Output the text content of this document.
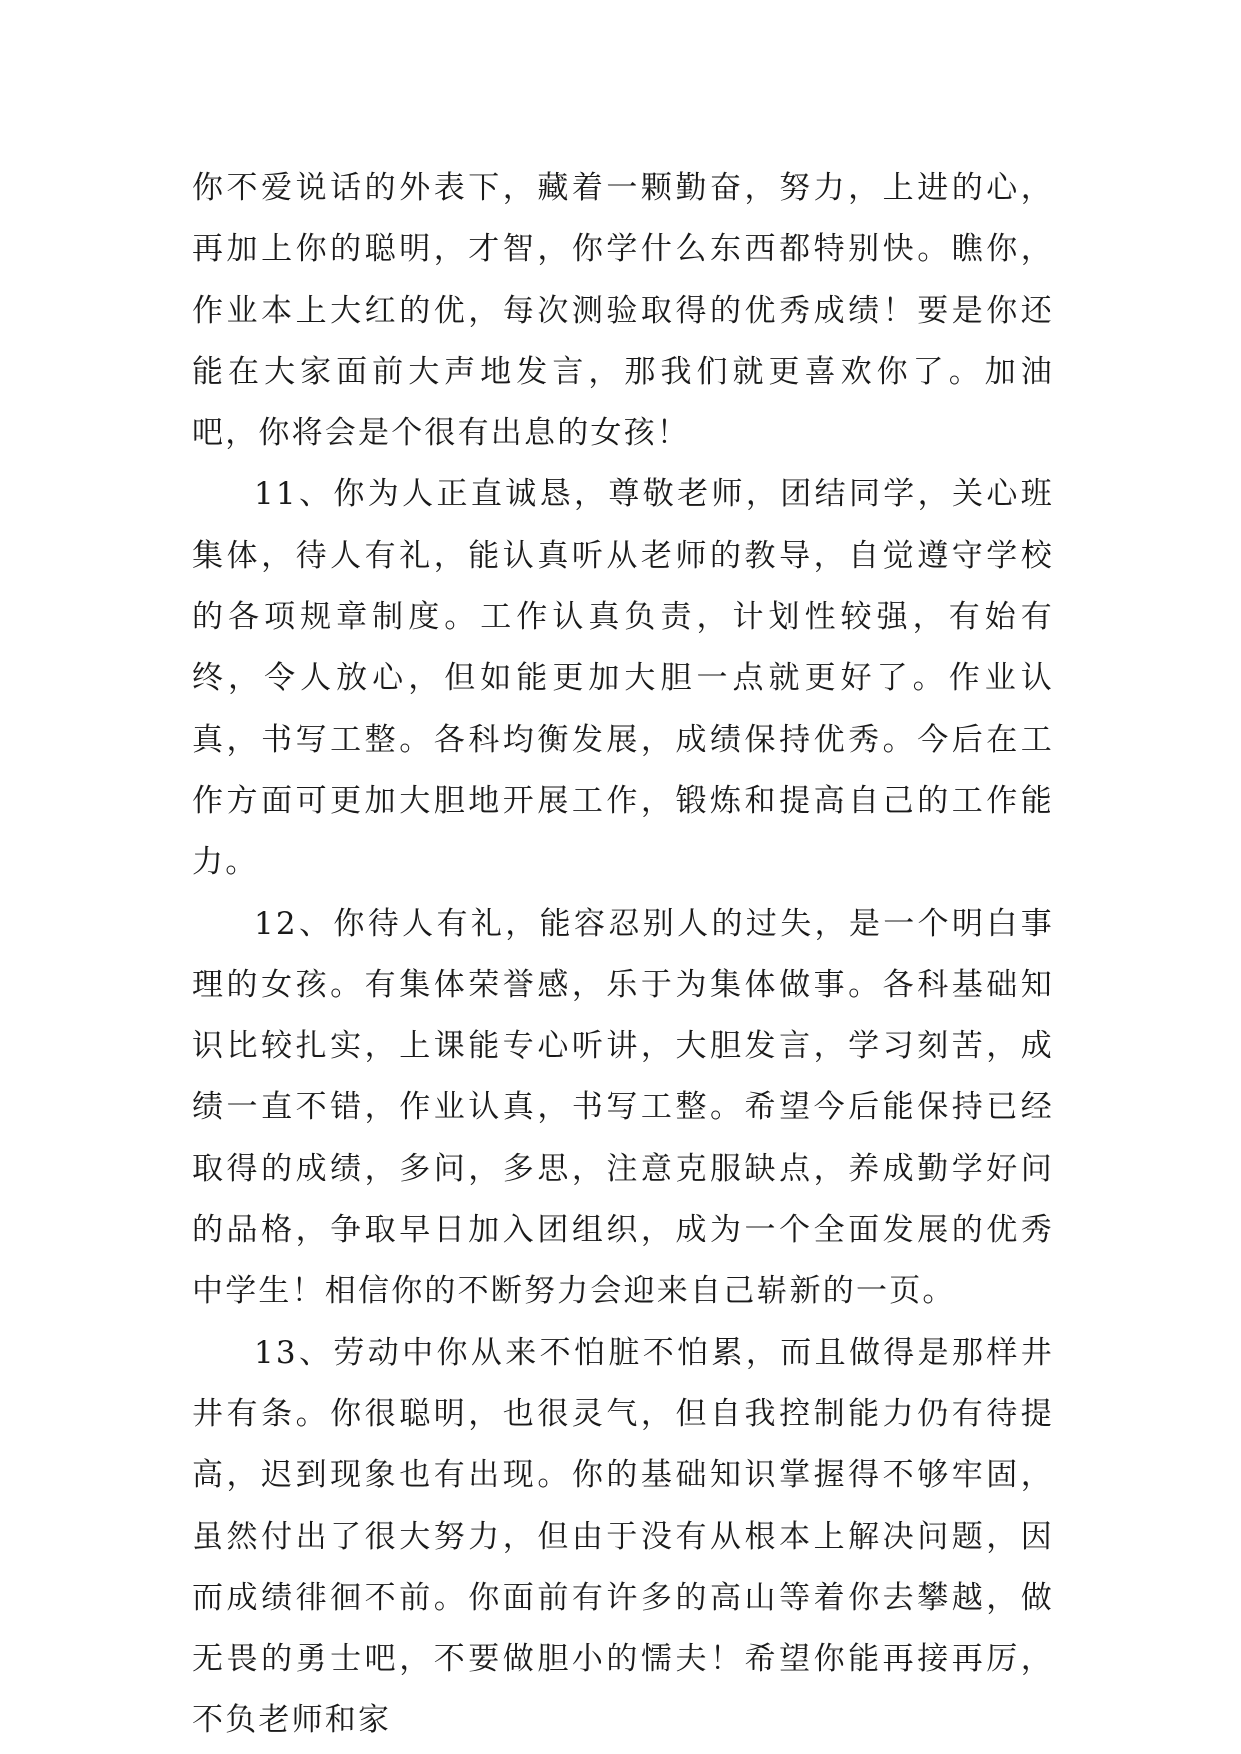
你不爱说话的外表下，藏着一颗勤奋，努力，上进的心，再加上你的聪明，才智，你学什么东西都特别快。瞧你，作业本上大红的优，每次测验取得的优秀成绩！要是你还能在大家面前大声地发言，那我们就更喜欢你了。加油吧，你将会是个很有出息的女孩！

11、你为人正直诚恳，尊敬老师，团结同学，关心班集体，待人有礼，能认真听从老师的教导，自觉遵守学校的各项规章制度。工作认真负责，计划性较强，有始有终，令人放心，但如能更加大胆一点就更好了。作业认真，书写工整。各科均衡发展，成绩保持优秀。今后在工作方面可更加大胆地开展工作，锻炼和提高自己的工作能力。

12、你待人有礼，能容忍别人的过失，是一个明白事理的女孩。有集体荣誉感，乐于为集体做事。各科基础知识比较扎实，上课能专心听讲，大胆发言，学习刻苦，成绩一直不错，作业认真，书写工整。希望今后能保持已经取得的成绩，多问，多思，注意克服缺点，养成勤学好问的品格，争取早日加入团组织，成为一个全面发展的优秀中学生！相信你的不断努力会迎来自己崭新的一页。

13、劳动中你从来不怕脏不怕累，而且做得是那样井井有条。你很聪明，也很灵气，但自我控制能力仍有待提高，迟到现象也有出现。你的基础知识掌握得不够牢固，虽然付出了很大努力，但由于没有从根本上解决问题，因而成绩徘徊不前。你面前有许多的高山等着你去攀越，做无畏的勇士吧，不要做胆小的懦夫！希望你能再接再厉，不负老师和家
